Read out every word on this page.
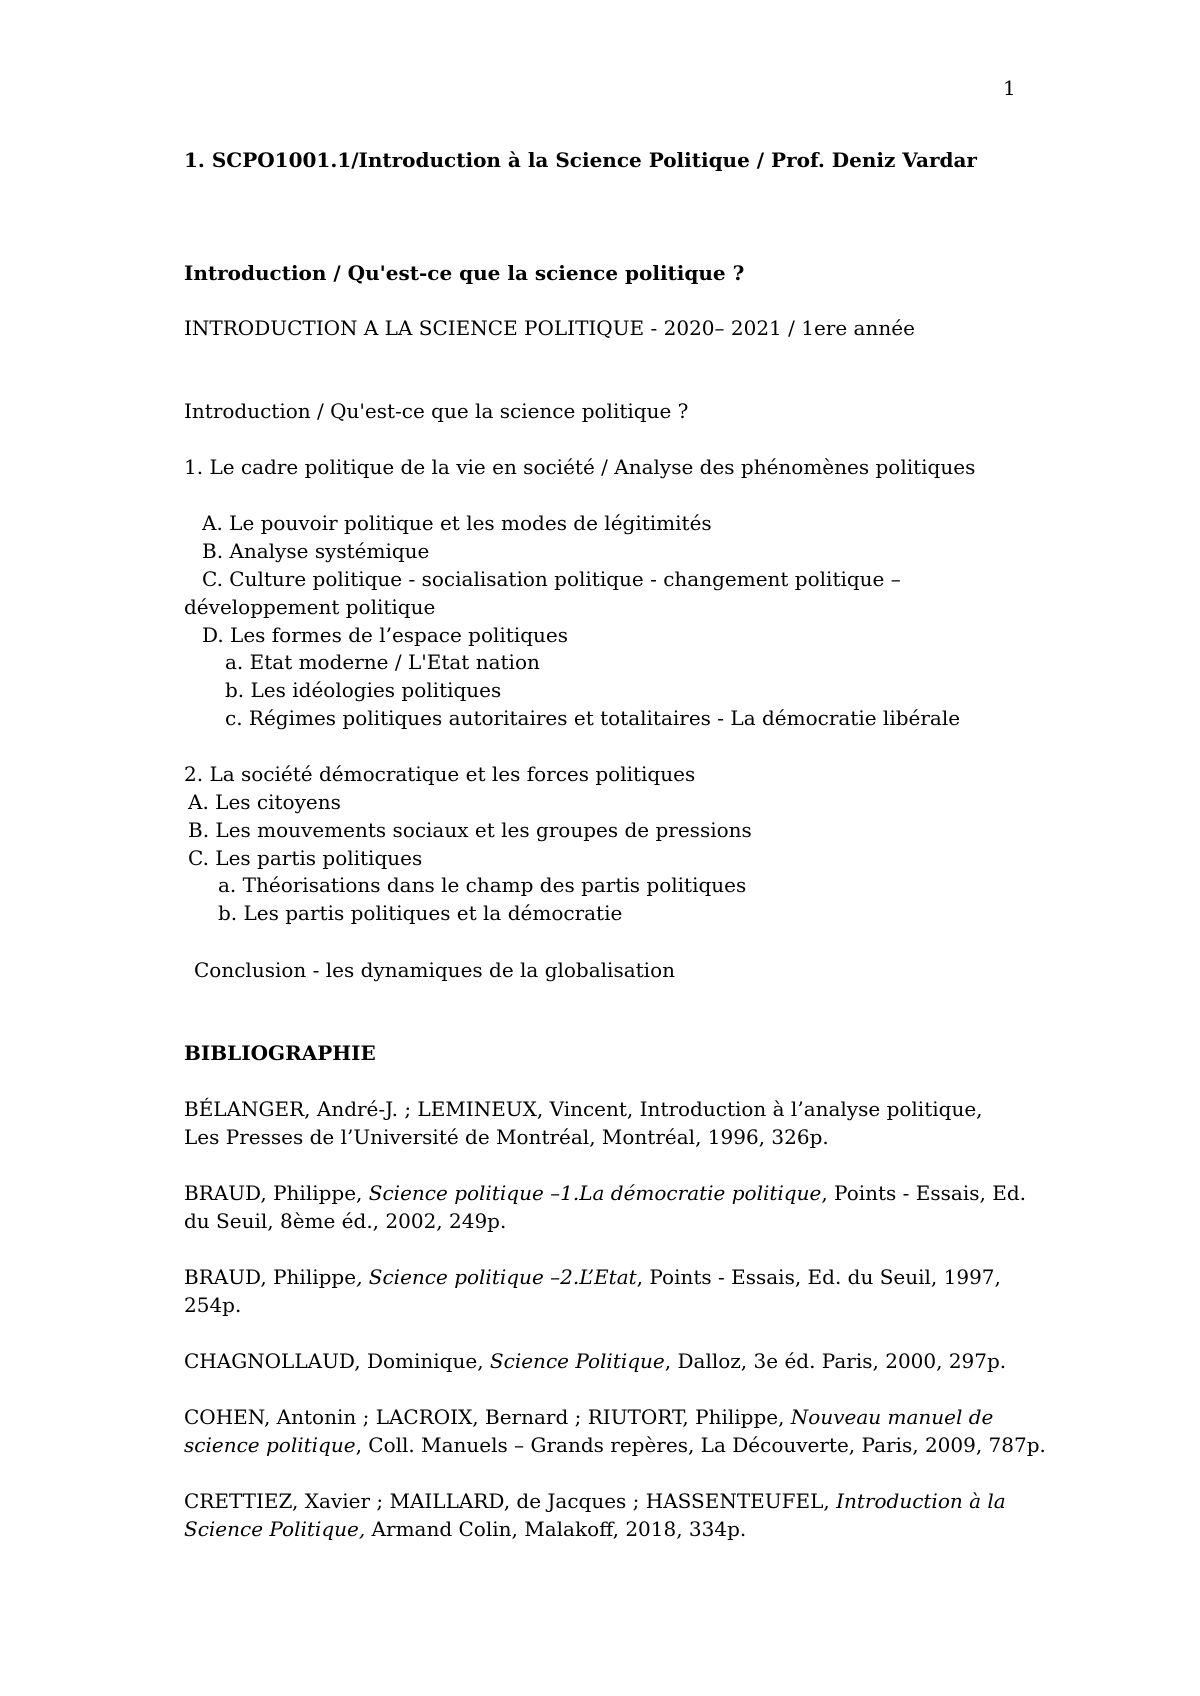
1
1. SCPO1001.1/Introduction à la Science Politique / Prof. Deniz Vardar
Introduction / Qu'est-ce que la science politique ?
INTRODUCTION A LA SCIENCE POLITIQUE - 2020– 2021 / 1ere année
Introduction / Qu'est-ce que la science politique ?
1. Le cadre politique de la vie en société / Analyse des phénomènes politiques
A. Le pouvoir politique et les modes de légitimités
B. Analyse systémique
C. Culture politique - socialisation politique - changement politique –
développement politique
D. Les formes de l’espace politiques
a. Etat moderne / L'Etat nation
b. Les idéologies politiques
c. Régimes politiques autoritaires et totalitaires - La démocratie libérale
2. La société démocratique et les forces politiques
A. Les citoyens
B. Les mouvements sociaux et les groupes de pressions
C. Les partis politiques
a. Théorisations dans le champ des partis politiques
b. Les partis politiques et la démocratie
Conclusion - les dynamiques de la globalisation
BIBLIOGRAPHIE
BÉLANGER, André-J. ; LEMINEUX, Vincent, Introduction à l’analyse politique,
Les Presses de l’Université de Montréal, Montréal, 1996, 326p.
BRAUD, Philippe, Science politique –1.La démocratie politique, Points - Essais, Ed.
du Seuil, 8ème éd., 2002, 249p.
BRAUD, Philippe, Science politique –2.L’Etat, Points - Essais, Ed. du Seuil, 1997,
254p.
CHAGNOLLAUD, Dominique, Science Politique, Dalloz, 3e éd. Paris, 2000, 297p.
COHEN, Antonin ; LACROIX, Bernard ; RIUTORT, Philippe, Nouveau manuel de
science politique, Coll. Manuels – Grands repères, La Découverte, Paris, 2009, 787p.
CRETTIEZ, Xavier ; MAILLARD, de Jacques ; HASSENTEUFEL, Introduction à la
Science Politique, Armand Colin, Malakoff, 2018, 334p.
